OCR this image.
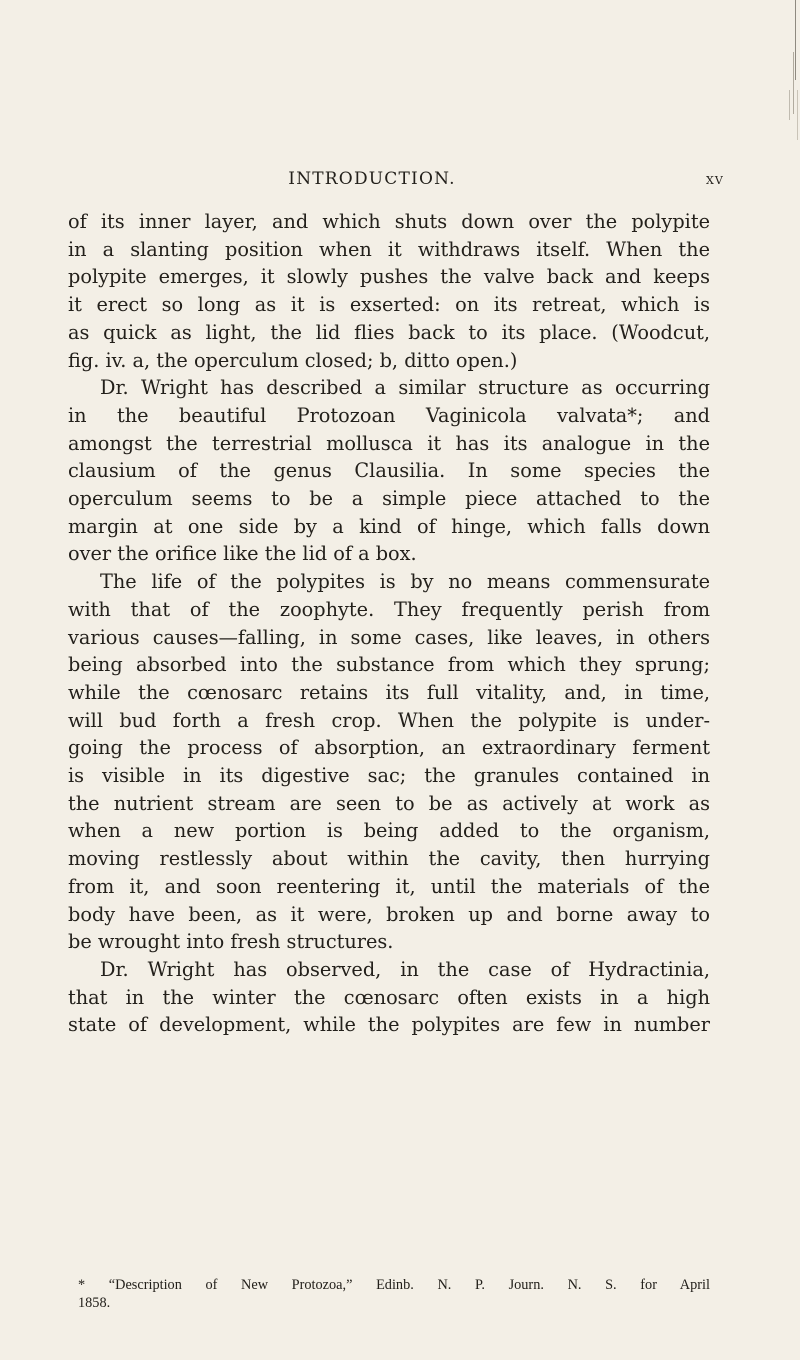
INTRODUCTION.	xv
of its inner layer, and which shuts down over the polypite
in a slanting position when it withdraws itself. When the
polypite emerges, it slowly pushes the valve back and keeps
it erect so long as it is exserted: on its retreat, which is
as quick as light, the lid flies back to its place. (Woodcut,
fig. iv. a, the operculum closed; b, ditto open.)
Dr. Wright has described a similar structure as occurring
in the beautiful Protozoan Vaginicola valvata*; and
amongst the terrestrial mollusca it has its analogue in the
clausium of the genus Clausilia. In some species the
operculum seems to be a simple piece attached to the
margin at one side by a kind of hinge, which falls down
over the orifice like the lid of a box.
The life of the polypites is by no means commensurate
with that of the zoophyte. They frequently perish from
various causes—falling, in some cases, like leaves, in others
being absorbed into the substance from which they sprung;
while the cœnosarc retains its full vitality, and, in time,
will bud forth a fresh crop. When the polypite is under-
going the process of absorption, an extraordinary ferment
is visible in its digestive sac; the granules contained in
the nutrient stream are seen to be as actively at work as
when a new portion is being added to the organism,
moving restlessly about within the cavity, then hurrying
from it, and soon reentering it, until the materials of the
body have been, as it were, broken up and borne away to
be wrought into fresh structures.
Dr. Wright has observed, in the case of Hydractinia,
that in the winter the cœnosarc often exists in a high
state of development, while the polypites are few in number
* “Description of New Protozoa,” Edinb. N. P. Journ. N. S. for April
1858.
